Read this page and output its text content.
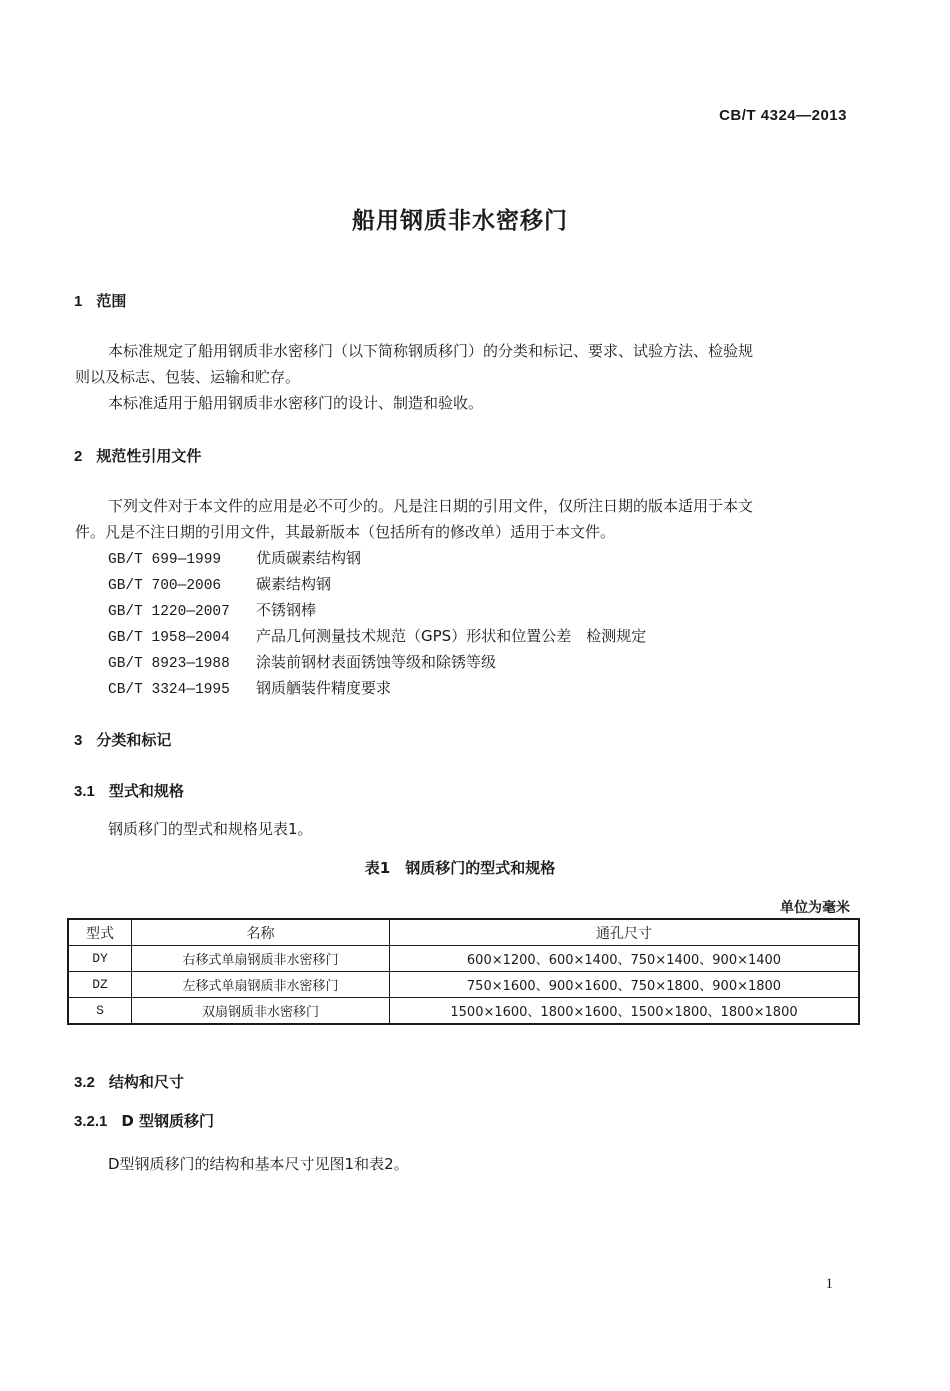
CB/T 4324—2013
船用钢质非水密移门
1 范围
本标准规定了船用钢质非水密移门（以下简称钢质移门）的分类和标记、要求、试验方法、检验规
则以及标志、包装、运输和贮存。
本标准适用于船用钢质非水密移门的设计、制造和验收。
2 规范性引用文件
下列文件对于本文件的应用是必不可少的。凡是注日期的引用文件，仅所注日期的版本适用于本文
件。凡是不注日期的引用文件，其最新版本（包括所有的修改单）适用于本文件。
GB/T 699—1999 优质碳素结构钢
GB/T 700—2006 碳素结构钢
GB/T 1220—2007 不锈钢棒
GB/T 1958—2004 产品几何测量技术规范（GPS）形状和位置公差　检测规定
GB/T 8923—1988 涂装前钢材表面锈蚀等级和除锈等级
CB/T 3324—1995 钢质舾装件精度要求
3 分类和标记
3.1 型式和规格
钢质移门的型式和规格见表1。
表1　钢质移门的型式和规格
单位为毫米
型式	名称	通孔尺寸
DY	右移式单扇钢质非水密移门	600×1200、600×1400、750×1400、900×1400
DZ	左移式单扇钢质非水密移门	750×1600、900×1600、750×1800、900×1800
S	双扇钢质非水密移门	1500×1600、1800×1600、1500×1800、1800×1800
3.2 结构和尺寸
3.2.1 D 型钢质移门
D型钢质移门的结构和基本尺寸见图1和表2。
1
